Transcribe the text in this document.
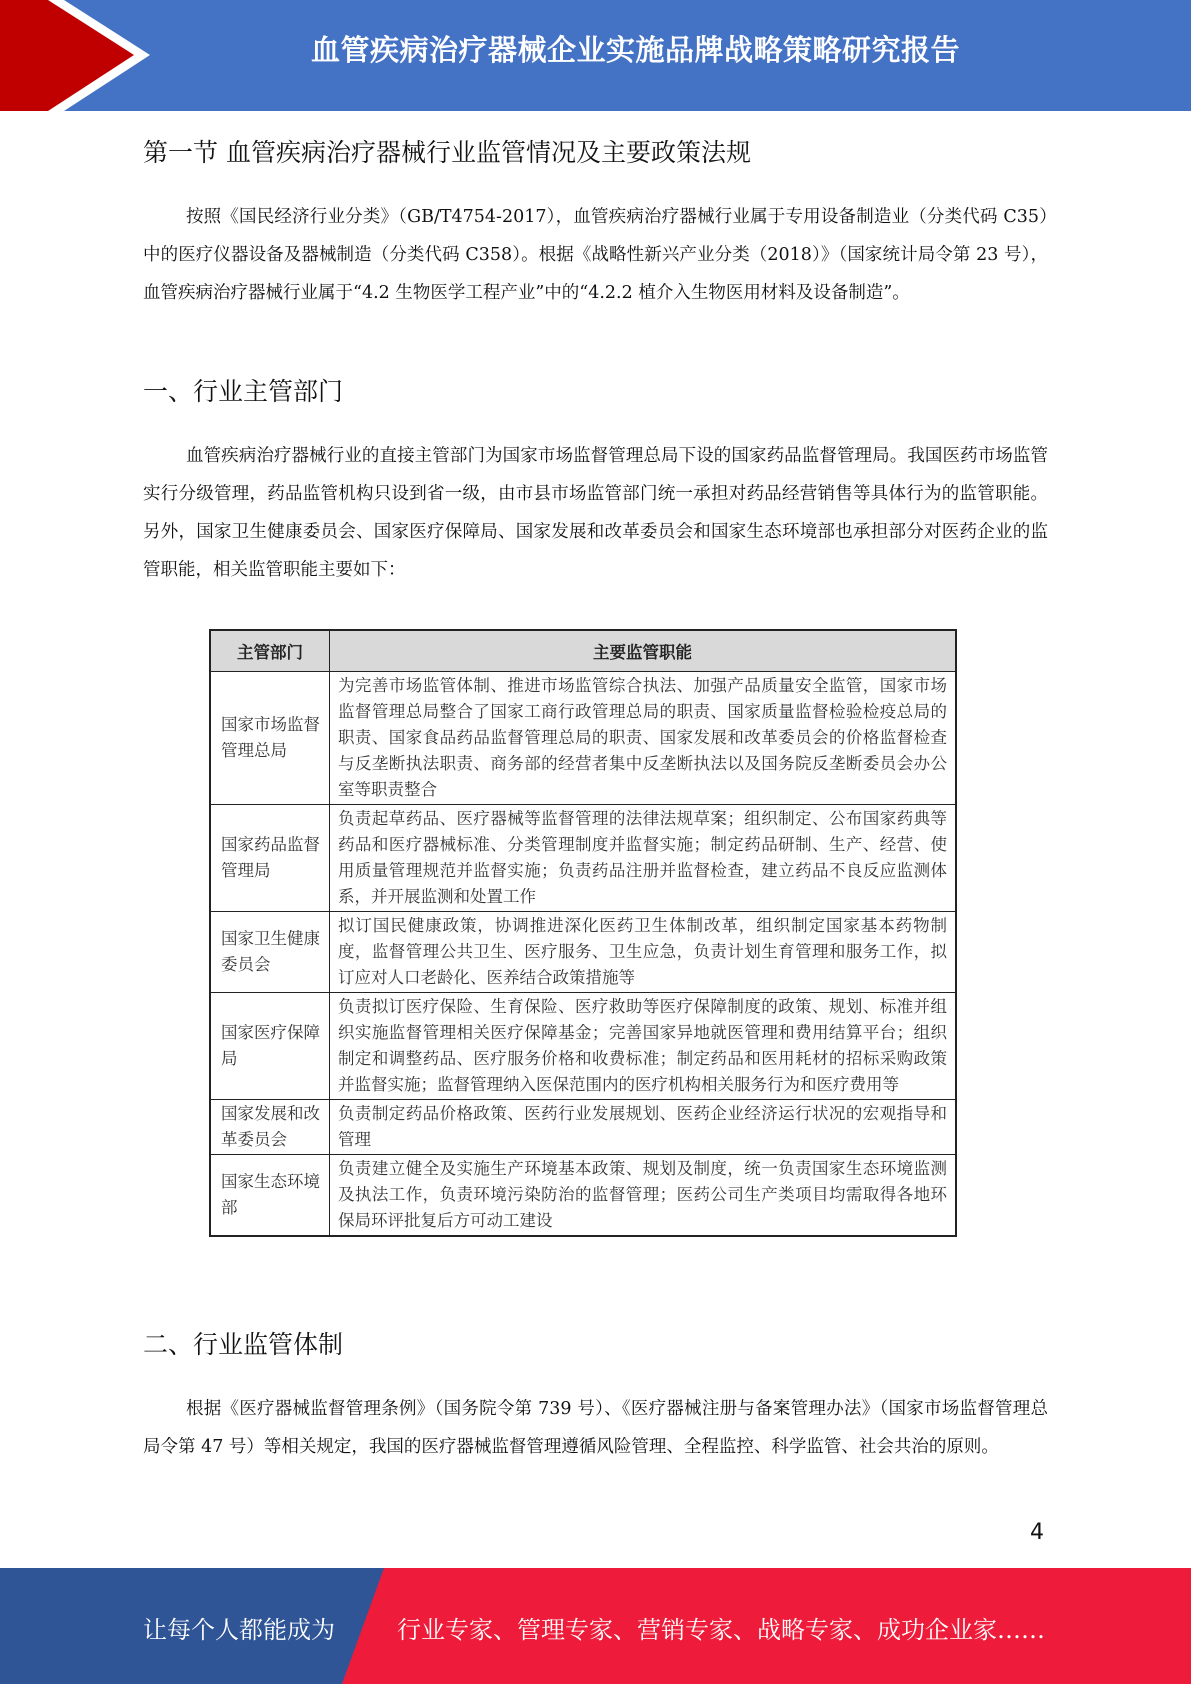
血管疾病治疗器械企业实施品牌战略策略研究报告
第一节 血管疾病治疗器械行业监管情况及主要政策法规

按照《国民经济行业分类》（GB/T4754-2017），血管疾病治疗器械行业属于专用设备制造业（分类代码 C35）中的医疗仪器设备及器械制造（分类代码 C358）。根据《战略性新兴产业分类（2018）》（国家统计局令第 23 号），血管疾病治疗器械行业属于“4.2 生物医学工程产业”中的“4.2.2 植介入生物医用材料及设备制造”。

一、行业主管部门

血管疾病治疗器械行业的直接主管部门为国家市场监督管理总局下设的国家药品监督管理局。我国医药市场监管实行分级管理，药品监管机构只设到省一级，由市县市场监管部门统一承担对药品经营销售等具体行为的监管职能。另外，国家卫生健康委员会、国家医疗保障局、国家发展和改革委员会和国家生态环境部也承担部分对医药企业的监管职能，相关监管职能主要如下：

主管部门	主要监管职能
国家市场监督管理总局	为完善市场监管体制、推进市场监管综合执法、加强产品质量安全监管，国家市场监督管理总局整合了国家工商行政管理总局的职责、国家质量监督检验检疫总局的职责、国家食品药品监督管理总局的职责、国家发展和改革委员会的价格监督检查与反垄断执法职责、商务部的经营者集中反垄断执法以及国务院反垄断委员会办公室等职责整合
国家药品监督管理局	负责起草药品、医疗器械等监督管理的法律法规草案；组织制定、公布国家药典等药品和医疗器械标准、分类管理制度并监督实施；制定药品研制、生产、经营、使用质量管理规范并监督实施；负责药品注册并监督检查，建立药品不良反应监测体系，并开展监测和处置工作
国家卫生健康委员会	拟订国民健康政策，协调推进深化医药卫生体制改革，组织制定国家基本药物制度，监督管理公共卫生、医疗服务、卫生应急，负责计划生育管理和服务工作，拟订应对人口老龄化、医养结合政策措施等
国家医疗保障局	负责拟订医疗保险、生育保险、医疗救助等医疗保障制度的政策、规划、标准并组织实施监督管理相关医疗保障基金；完善国家异地就医管理和费用结算平台；组织制定和调整药品、医疗服务价格和收费标准；制定药品和医用耗材的招标采购政策并监督实施；监督管理纳入医保范围内的医疗机构相关服务行为和医疗费用等
国家发展和改革委员会	负责制定药品价格政策、医药行业发展规划、医药企业经济运行状况的宏观指导和管理
国家生态环境部	负责建立健全及实施生产环境基本政策、规划及制度，统一负责国家生态环境监测及执法工作，负责环境污染防治的监督管理；医药公司生产类项目均需取得各地环保局环评批复后方可动工建设
二、行业监管体制

根据《医疗器械监督管理条例》（国务院令第 739 号）、《医疗器械注册与备案管理办法》（国家市场监督管理总局令第 47 号）等相关规定，我国的医疗器械监督管理遵循风险管理、全程监控、科学监管、社会共治的原则。

4
让每个人都能成为	行业专家、管理专家、营销专家、战略专家、成功企业家……
